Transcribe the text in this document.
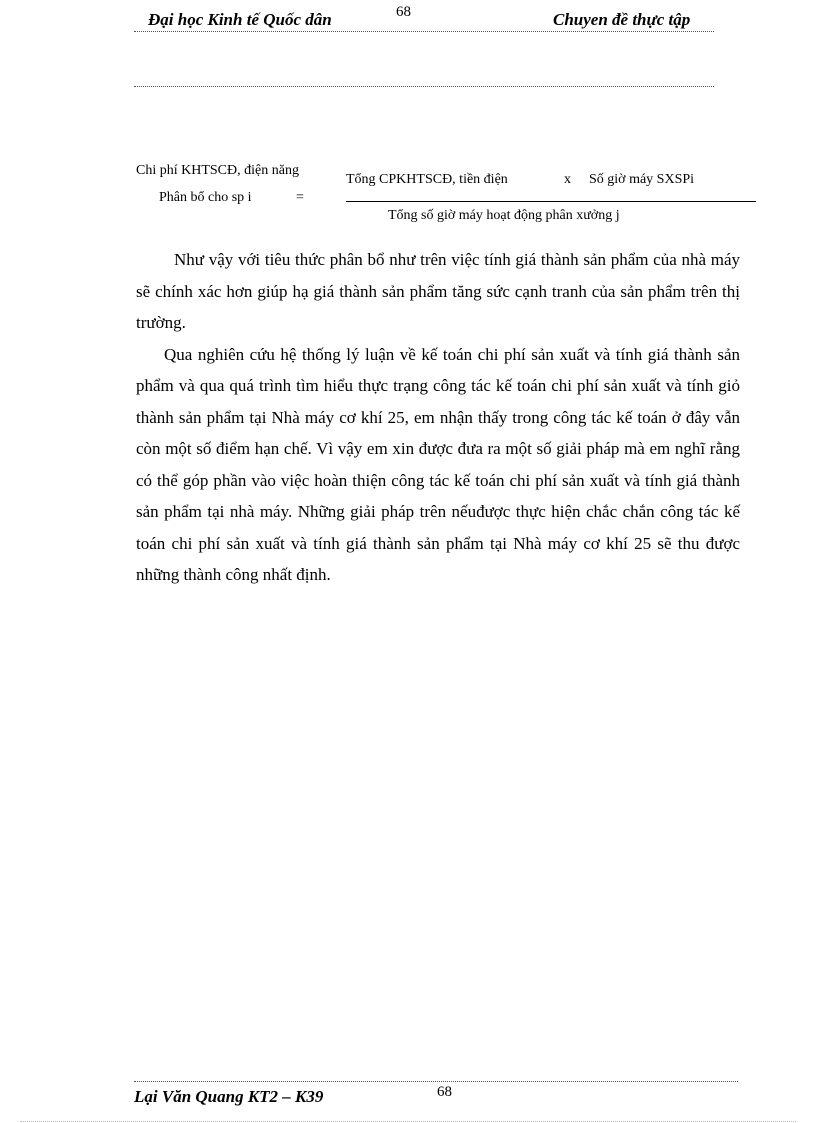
Đại học Kinh tế Quốc dân	68	Chuyen đề thực tập
Chi phí KHTSCĐ, điện năng
Phân bổ cho sp i	=
Tổng CPKHTSCĐ, tiền điện	x Số giờ máy SXSPi
Tổng số giờ máy hoạt động phân xưởng j

Như vậy với tiêu thức phân bổ như trên việc tính giá thành sản phẩm của nhà máy sẽ chính xác hơn giúp hạ giá thành sản phẩm tăng sức cạnh tranh của sản phẩm trên thị trường.

Qua nghiên cứu hệ thống lý luận về kế toán chi phí sản xuất và tính giá thành sản phẩm và qua quá trình tìm hiểu thực trạng công tác kế toán chi phí sản xuất và tính giỏ thành sản phẩm tại Nhà máy cơ khí 25, em nhận thấy trong công tác kế toán ở đây vẫn còn một số điểm hạn chế. Vì vậy em xin được đưa ra một số giải pháp mà em nghĩ rằng có thể góp phần vào việc hoàn thiện công tác kế toán chi phí sản xuất và tính giá thành sản phẩm tại nhà máy. Những giải pháp trên nếuđược thực hiện chắc chắn công tác kế toán chi phí sản xuất và tính giá thành sản phẩm tại Nhà máy cơ khí 25 sẽ thu được những thành công nhất định.

Lại Văn Quang KT2 – K39	68
